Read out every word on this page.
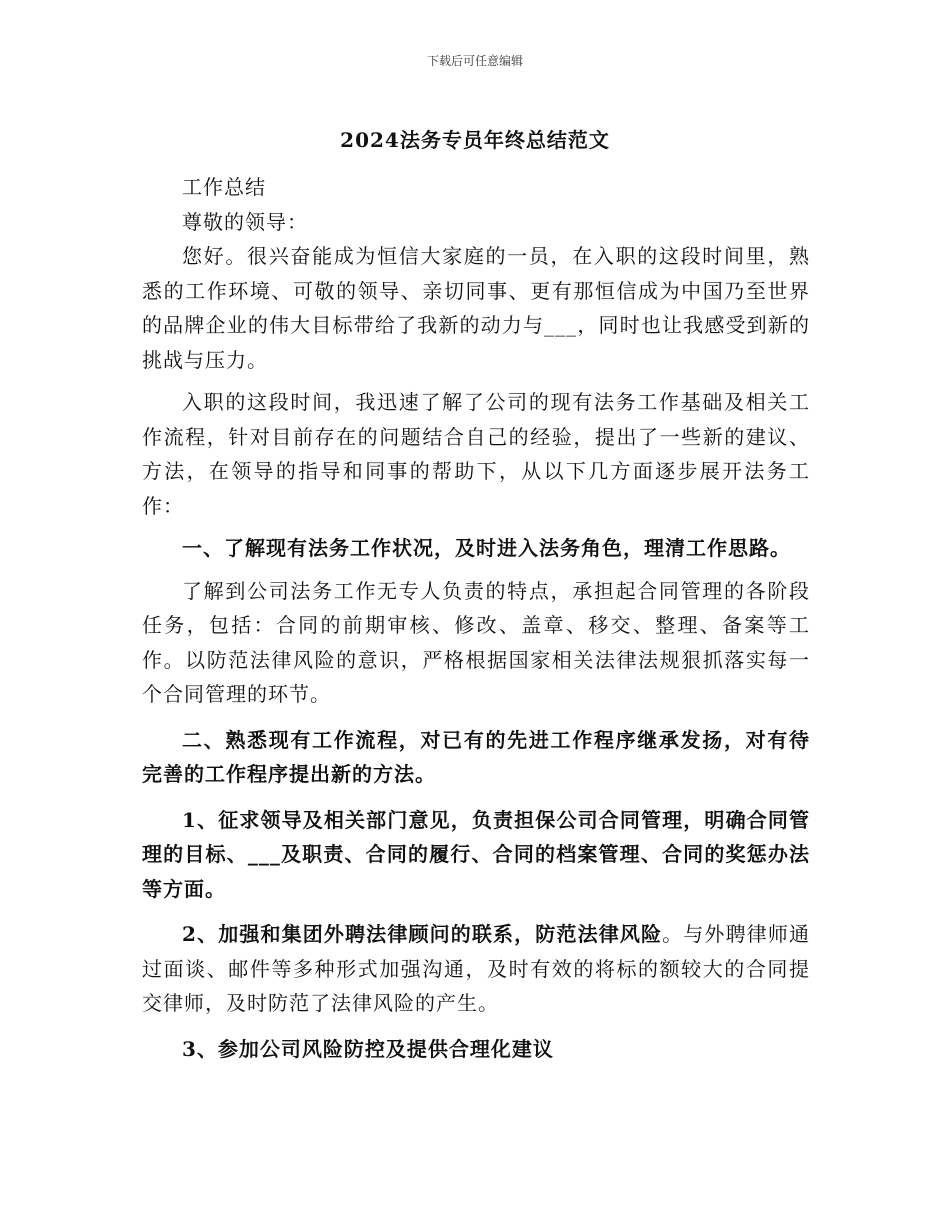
下载后可任意编辑
2024法务专员年终总结范文

工作总结

尊敬的领导：

您好。很兴奋能成为恒信大家庭的一员，在入职的这段时间里，熟悉的工作环境、可敬的领导、亲切同事、更有那恒信成为中国乃至世界的品牌企业的伟大目标带给了我新的动力与___，同时也让我感受到新的挑战与压力。

入职的这段时间，我迅速了解了公司的现有法务工作基础及相关工作流程，针对目前存在的问题结合自己的经验，提出了一些新的建议、方法，在领导的指导和同事的帮助下，从以下几方面逐步展开法务工作：

一、了解现有法务工作状况，及时进入法务角色，理清工作思路。

了解到公司法务工作无专人负责的特点，承担起合同管理的各阶段任务，包括：合同的前期审核、修改、盖章、移交、整理、备案等工作。以防范法律风险的意识，严格根据国家相关法律法规狠抓落实每一个合同管理的环节。

二、熟悉现有工作流程，对已有的先进工作程序继承发扬，对有待完善的工作程序提出新的方法。

1、征求领导及相关部门意见，负责担保公司合同管理，明确合同管理的目标、___及职责、合同的履行、合同的档案管理、合同的奖惩办法等方面。

2、加强和集团外聘法律顾问的联系，防范法律风险。与外聘律师通过面谈、邮件等多种形式加强沟通，及时有效的将标的额较大的合同提交律师，及时防范了法律风险的产生。

3、参加公司风险防控及提供合理化建议
